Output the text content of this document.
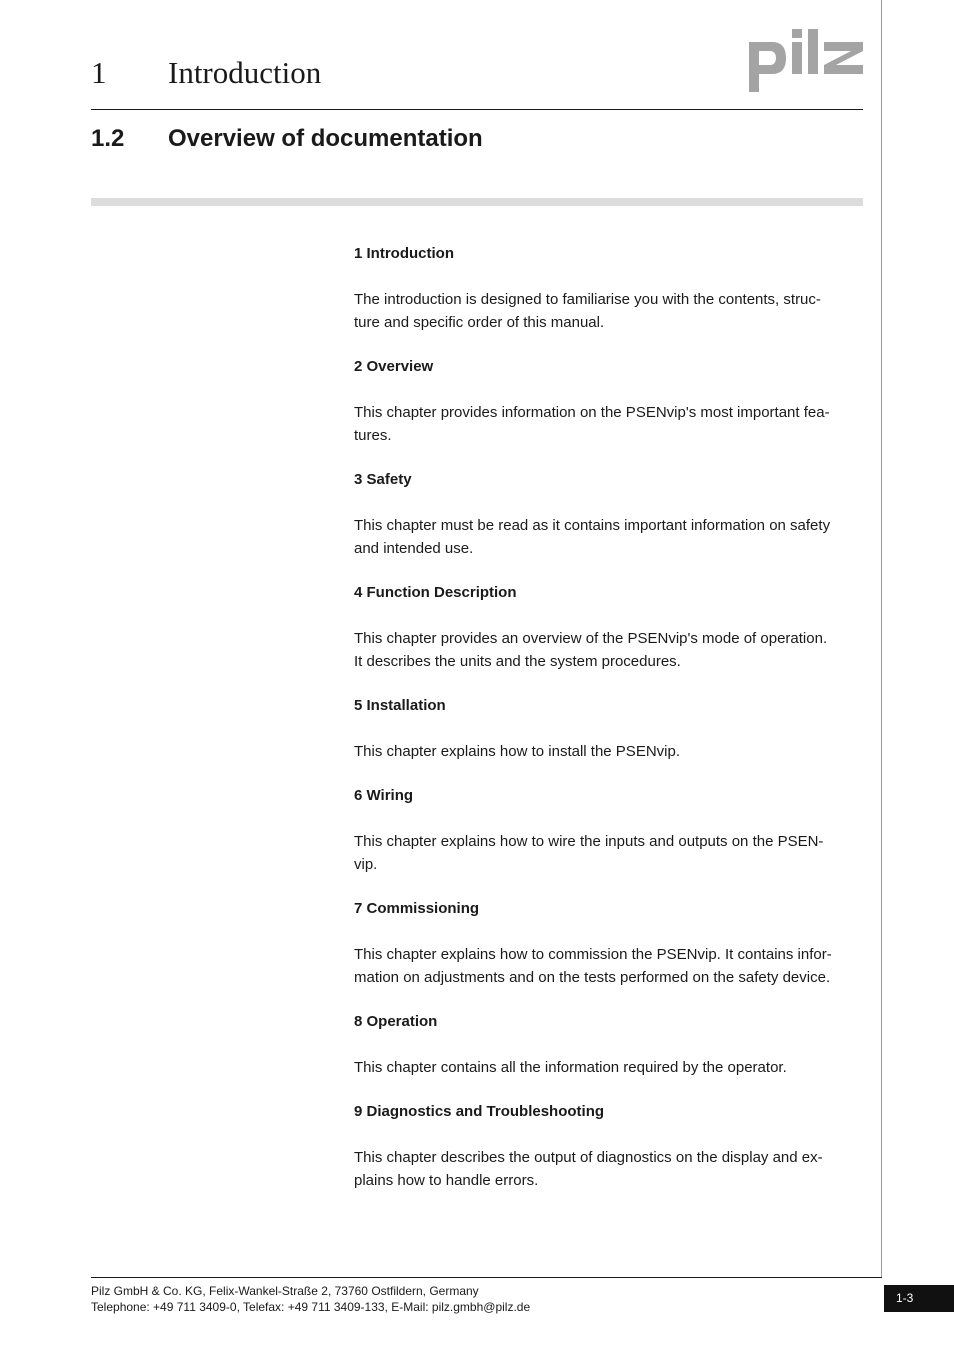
1 Introduction
1.2 Overview of documentation
1 Introduction
The introduction is designed to familiarise you with the contents, struc-
ture and specific order of this manual.
2 Overview
This chapter provides information on the PSENvip's most important fea-
tures.
3 Safety
This chapter must be read as it contains important information on safety
and intended use.
4 Function Description
This chapter provides an overview of the PSENvip's mode of operation.
It describes the units and the system procedures.
5 Installation
This chapter explains how to install the PSENvip.
6 Wiring
This chapter explains how to wire the inputs and outputs on the PSEN-
vip.
7 Commissioning
This chapter explains how to commission the PSENvip. It contains infor-
mation on adjustments and on the tests performed on the safety device.
8 Operation
This chapter contains all the information required by the operator.
9 Diagnostics and Troubleshooting
This chapter describes the output of diagnostics on the display and ex-
plains how to handle errors.
Pilz GmbH & Co. KG, Felix-Wankel-Straße 2, 73760 Ostfildern, Germany
Telephone: +49 711 3409-0, Telefax: +49 711 3409-133, E-Mail: pilz.gmbh@pilz.de
1-3
